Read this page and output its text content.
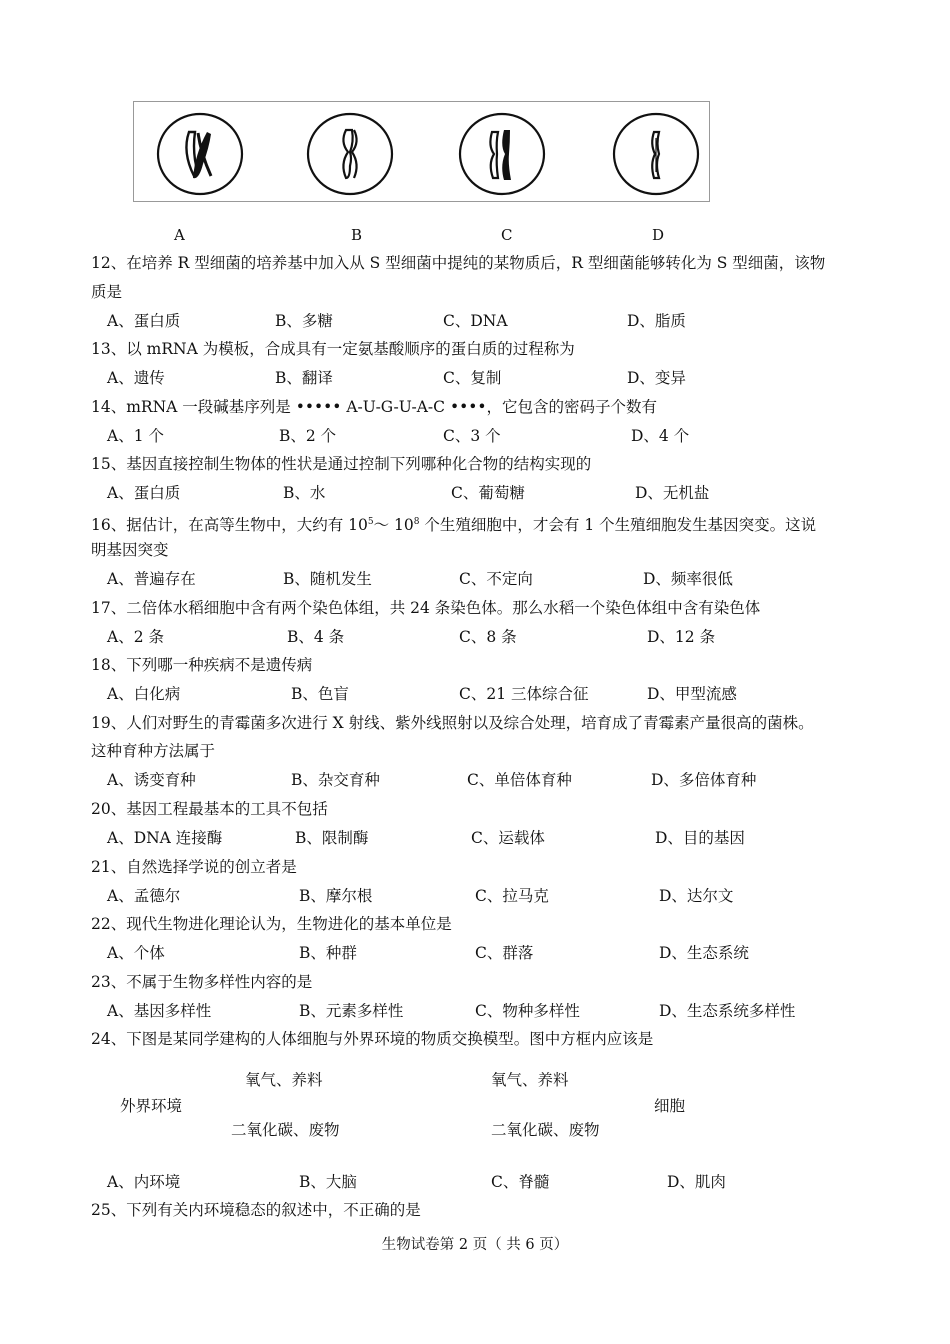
A	B	C	D
12、在培养 R 型细菌的培养基中加入从 S 型细菌中提纯的某物质后，R 型细菌能够转化为 S 型细菌，该物
质是
A、蛋白质	B、多糖	C、DNA	D、脂质
13、以 mRNA 为模板，合成具有一定氨基酸顺序的蛋白质的过程称为
A、遗传	B、翻译	C、复制	D、变异
14、mRNA 一段碱基序列是 ••••• A-U-G-U-A-C ••••，它包含的密码子个数有
A、1 个	B、2 个	C、3 个	D、4 个
15、基因直接控制生物体的性状是通过控制下列哪种化合物的结构实现的
A、蛋白质	B、水	C、葡萄糖	D、无机盐
16、据估计，在高等生物中，大约有 $10^5\sim$ $10^8$ 个生殖细胞中，才会有 1 个生殖细胞发生基因突变。这说
明基因突变
A、普遍存在	B、随机发生	C、不定向	D、频率很低
17、二倍体水稻细胞中含有两个染色体组，共 24 条染色体。那么水稻一个染色体组中含有染色体
A、2 条	B、4 条	C、8 条	D、12 条
18、下列哪一种疾病不是遗传病
A、白化病	B、色盲	C、21 三体综合征	D、甲型流感
19、人们对野生的青霉菌多次进行 X 射线、紫外线照射以及综合处理，培育成了青霉素产量很高的菌株。
这种育种方法属于
A、诱变育种	B、杂交育种	C、单倍体育种	D、多倍体育种
20、基因工程最基本的工具不包括
A、DNA 连接酶	B、限制酶	C、运载体	D、目的基因
21、自然选择学说的创立者是
A、孟德尔	B、摩尔根	C、拉马克	D、达尔文
22、现代生物进化理论认为，生物进化的基本单位是
A、个体	B、种群	C、群落	D、生态系统
23、不属于生物多样性内容的是
A、基因多样性	B、元素多样性	C、物种多样性	D、生态系统多样性
24、下图是某同学建构的人体细胞与外界环境的物质交换模型。图中方框内应该是
氧气、养料	氧气、养料
外界环境	细胞
二氧化碳、废物	二氧化碳、废物
A、内环境	B、大脑	C、脊髓	D、肌肉
25、下列有关内环境稳态的叙述中，不正确的是
生物试卷第 2 页（ 共 6 页）
